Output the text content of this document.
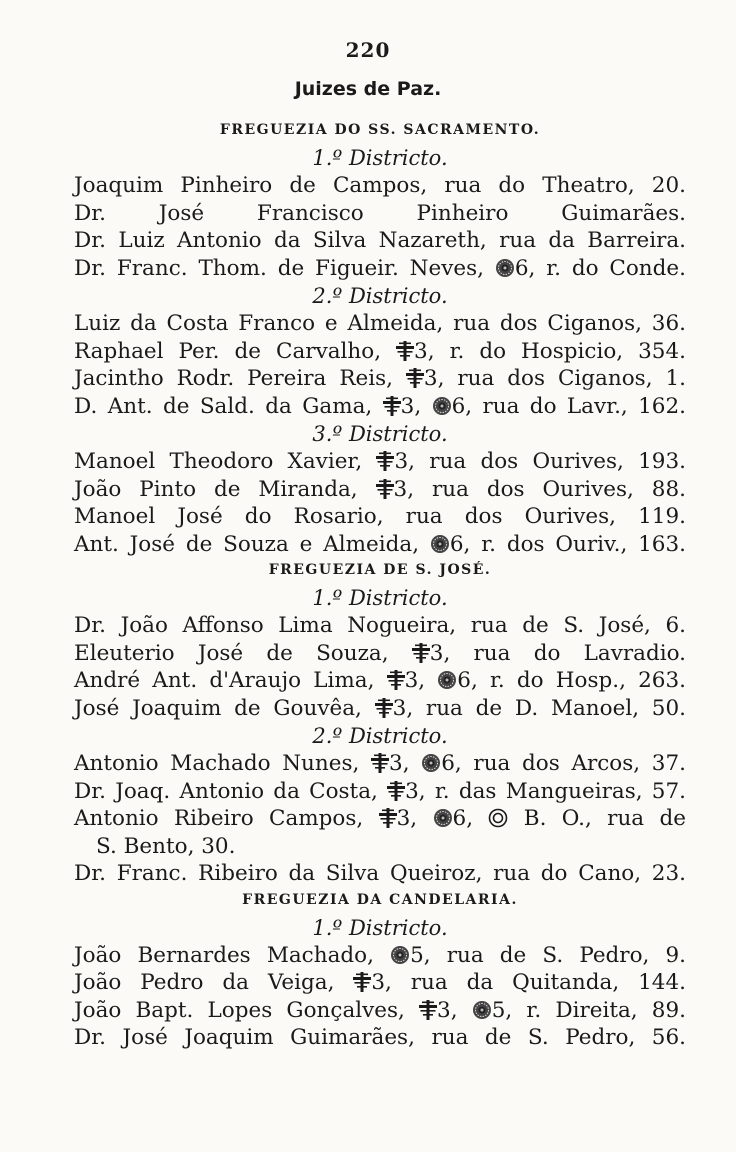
220
Juizes de Paz.
FREGUEZIA DO SS. SACRAMENTO.
1.º Districto.
Joaquim Pinheiro de Campos, rua do Theatro, 20.
Dr. José Francisco Pinheiro Guimarães.
Dr. Luiz Antonio da Silva Nazareth, rua da Barreira.
Dr. Franc. Thom. de Figueir. Neves, 6, r. do Conde.
2.º Districto.
Luiz da Costa Franco e Almeida, rua dos Ciganos, 36.
Raphael Per. de Carvalho, 3, r. do Hospicio, 354.
Jacintho Rodr. Pereira Reis, 3, rua dos Ciganos, 1.
D. Ant. de Sald. da Gama, 3, 6, rua do Lavr., 162.
3.º Districto.
Manoel Theodoro Xavier, 3, rua dos Ourives, 193.
João Pinto de Miranda, 3, rua dos Ourives, 88.
Manoel José do Rosario, rua dos Ourives, 119.
Ant. José de Souza e Almeida, 6, r. dos Ouriv., 163.
FREGUEZIA DE S. JOSÉ.
1.º Districto.
Dr. João Affonso Lima Nogueira, rua de S. José, 6.
Eleuterio José de Souza, 3, rua do Lavradio.
André Ant. d'Araujo Lima, 3, 6, r. do Hosp., 263.
José Joaquim de Gouvêa, 3, rua de D. Manoel, 50.
2.º Districto.
Antonio Machado Nunes, 3, 6, rua dos Arcos, 37.
Dr. Joaq. Antonio da Costa, 3, r. das Mangueiras, 57.
Antonio Ribeiro Campos, 3, 6,  B. O., rua de
S. Bento, 30.
Dr. Franc. Ribeiro da Silva Queiroz, rua do Cano, 23.
FREGUEZIA DA CANDELARIA.
1.º Districto.
João Bernardes Machado, 5, rua de S. Pedro, 9.
João Pedro da Veiga, 3, rua da Quitanda, 144.
João Bapt. Lopes Gonçalves, 3, 5, r. Direita, 89.
Dr. José Joaquim Guimarães, rua de S. Pedro, 56.
